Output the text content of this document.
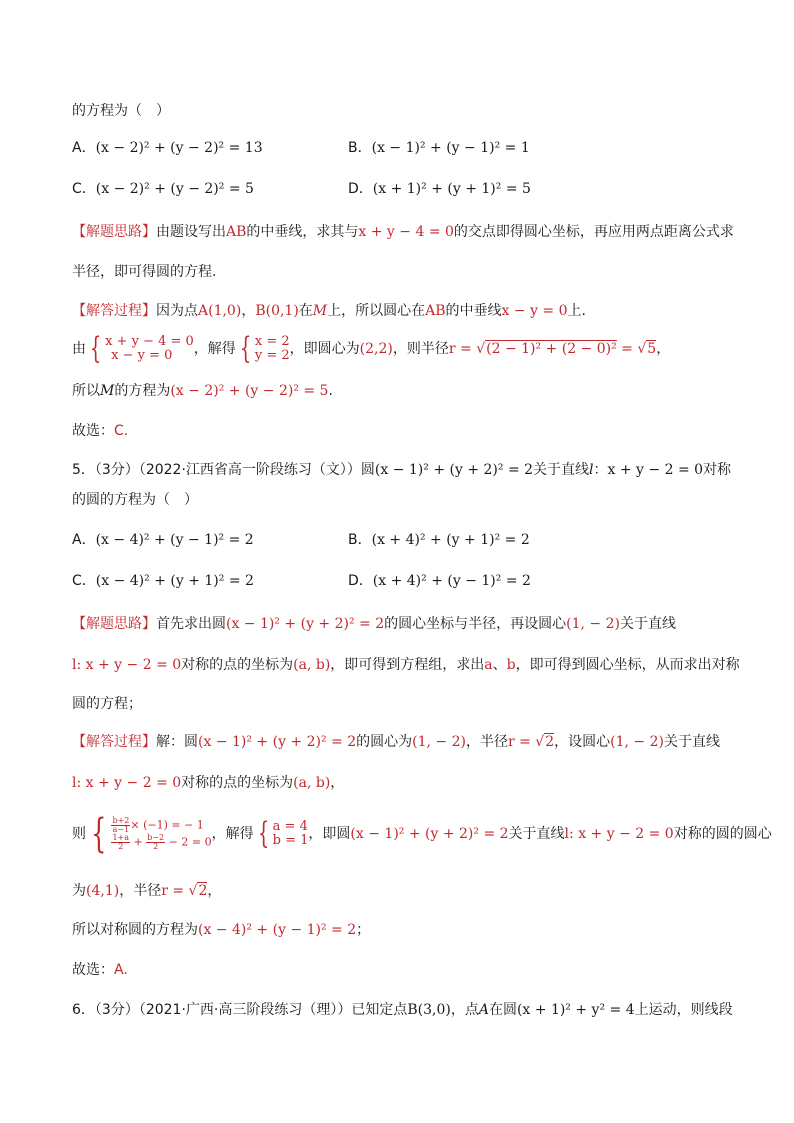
的方程为（　）
A．(x − 2)² + (y − 2)² = 13	B．(x − 1)² + (y − 1)² = 1
C．(x − 2)² + (y − 2)² = 5	D．(x + 1)² + (y + 1)² = 5
【解题思路】由题设写出AB的中垂线，求其与x + y − 4 = 0的交点即得圆心坐标，再应用两点距离公式求
半径，即可得圆的方程.
【解答过程】因为点A(1,0)，B(0,1)在M上，所以圆心在AB的中垂线x − y = 0上.
由 { x + y − 4 = 0
x − y = 0	，解得 { x = 2
y = 2 ，即圆心为(2,2)，则半径r = √(2 − 1)² + (2 − 0)² = √5，
所以M的方程为(x − 2)² + (y − 2)² = 5.
故选：C.
5．（3分）（2022·江西省高一阶段练习（文））圆(x − 1)² + (y + 2)² = 2关于直线l：x + y − 2 = 0对称
的圆的方程为（　）
A．(x − 4)² + (y − 1)² = 2	B．(x + 4)² + (y + 1)² = 2
C．(x − 4)² + (y + 1)² = 2	D．(x + 4)² + (y − 1)² = 2
【解题思路】首先求出圆(x − 1)² + (y + 2)² = 2的圆心坐标与半径，再设圆心(1, − 2)关于直线
l: x + y − 2 = 0对称的点的坐标为(a, b)，即可得到方程组，求出a、b，即可得到圆心坐标，从而求出对称
圆的方程；
【解答过程】解：圆(x − 1)² + (y + 2)² = 2的圆心为(1, − 2)，半径r = √2，设圆心(1, − 2)关于直线
l: x + y − 2 = 0对称的点的坐标为(a, b)，
则 { $\frac{b+2}{a-1} \times (-1)$ = − 1
$\frac{1+a}{2} + \frac{b-2}{2} - 2 = 0$ ，解得 { a = 4
b = 1 ，即圆(x − 1)² + (y + 2)² = 2关于直线l: x + y − 2 = 0对称的圆的圆心
为(4,1)，半径r = √2，
所以对称圆的方程为(x − 4)² + (y − 1)² = 2；
故选：A.
6．（3分）（2021·广西·高三阶段练习（理））已知定点B(3,0)，点A在圆(x + 1)² + y² = 4上运动，则线段
